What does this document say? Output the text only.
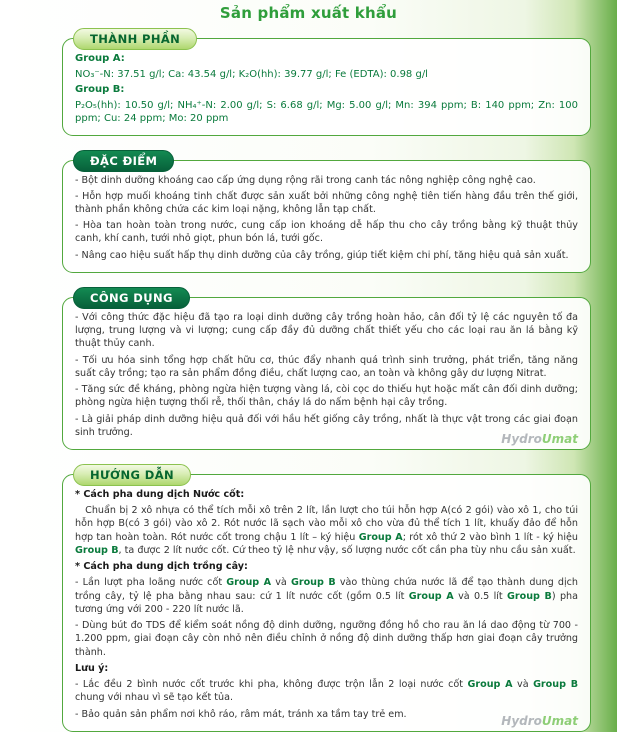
Sản phẩm xuất khẩu
THÀNH PHẦN
Group A:
NO₃⁻-N: 37.51 g/l; Ca: 43.54 g/l; K₂O(hh): 39.77 g/l; Fe (EDTA): 0.98 g/l
Group B:
P₂O₅(hh): 10.50 g/l; NH₄⁺-N: 2.00 g/l; S: 6.68 g/l; Mg: 5.00 g/l; Mn: 394 ppm; B: 140 ppm; Zn: 100 ppm; Cu: 24 ppm; Mo: 20 ppm
ĐẶC ĐIỂM
- Bột dinh dưỡng khoáng cao cấp ứng dụng rộng rãi trong canh tác nông nghiệp công nghệ cao.
- Hỗn hợp muối khoáng tinh chất được sản xuất bởi những công nghệ tiên tiến hàng đầu trên thế giới, thành phần không chứa các kim loại nặng, không lẫn tạp chất.
- Hòa tan hoàn toàn trong nước, cung cấp ion khoáng dễ hấp thu cho cây trồng bằng kỹ thuật thủy canh, khí canh, tưới nhỏ giọt, phun bón lá, tưới gốc.
- Nâng cao hiệu suất hấp thụ dinh dưỡng của cây trồng, giúp tiết kiệm chi phí, tăng hiệu quả sản xuất.
CÔNG DỤNG
- Với công thức đặc hiệu đã tạo ra loại dinh dưỡng cây trồng hoàn hảo, cân đối tỷ lệ các nguyên tố đa lượng, trung lượng và vi lượng; cung cấp đầy đủ dưỡng chất thiết yếu cho các loại rau ăn lá bằng kỹ thuật thủy canh.
- Tối ưu hóa sinh tổng hợp chất hữu cơ, thúc đẩy nhanh quá trình sinh trưởng, phát triển, tăng năng suất cây trồng; tạo ra sản phẩm đồng điều, chất lượng cao, an toàn và không gây dư lượng Nitrat.
- Tăng sức đề kháng, phòng ngừa hiện tượng vàng lá, còi cọc do thiếu hụt hoặc mất cân đối dinh dưỡng; phòng ngừa hiện tượng thối rễ, thối thân, cháy lá do nấm bệnh hại cây trồng.
- Là giải pháp dinh dưỡng hiệu quả đối với hầu hết giống cây trồng, nhất là thực vật trong các giai đoạn sinh trưởng.	HydroUmat
HƯỚNG DẪN
* Cách pha dung dịch Nước cốt:
Chuẩn bị 2 xô nhựa có thể tích mỗi xô trên 2 lít, lần lượt cho túi hỗn hợp A(có 2 gói) vào xô 1, cho túi hỗn hợp B(có 3 gói) vào xô 2. Rót nước lã sạch vào mỗi xô cho vừa đủ thể tích 1 lít, khuấy đảo để hỗn hợp tan hoàn toàn. Rót nước cốt trong chậu 1 lít – ký hiệu Group A; rót xô thứ 2 vào bình 1 lít - ký hiệu Group B, ta được 2 lít nước cốt. Cứ theo tỷ lệ như vậy, số lượng nước cốt cần pha tùy nhu cầu sản xuất.
* Cách pha dung dịch trồng cây:
- Lần lượt pha loãng nước cốt Group A và Group B vào thùng chứa nước lã để tạo thành dung dịch trồng cây, tỷ lệ pha bằng nhau sau: cứ 1 lít nước cốt (gồm 0.5 lít Group A và 0.5 lít Group B) pha tương ứng với 200 - 220 lít nước lã.
- Dùng bút đo TDS để kiểm soát nồng độ dinh dưỡng, ngưỡng đồng hồ cho rau ăn lá dao động từ 700 - 1.200 ppm, giai đoạn cây còn nhỏ nên điều chỉnh ở nồng độ dinh dưỡng thấp hơn giai đoạn cây trưởng thành.
Lưu ý:
- Lắc đều 2 bình nước cốt trước khi pha, không được trộn lẫn 2 loại nước cốt Group A và Group B chung với nhau vì sẽ tạo kết tủa.
- Bảo quản sản phẩm nơi khô ráo, râm mát, tránh xa tầm tay trẻ em.	HydroUmat
